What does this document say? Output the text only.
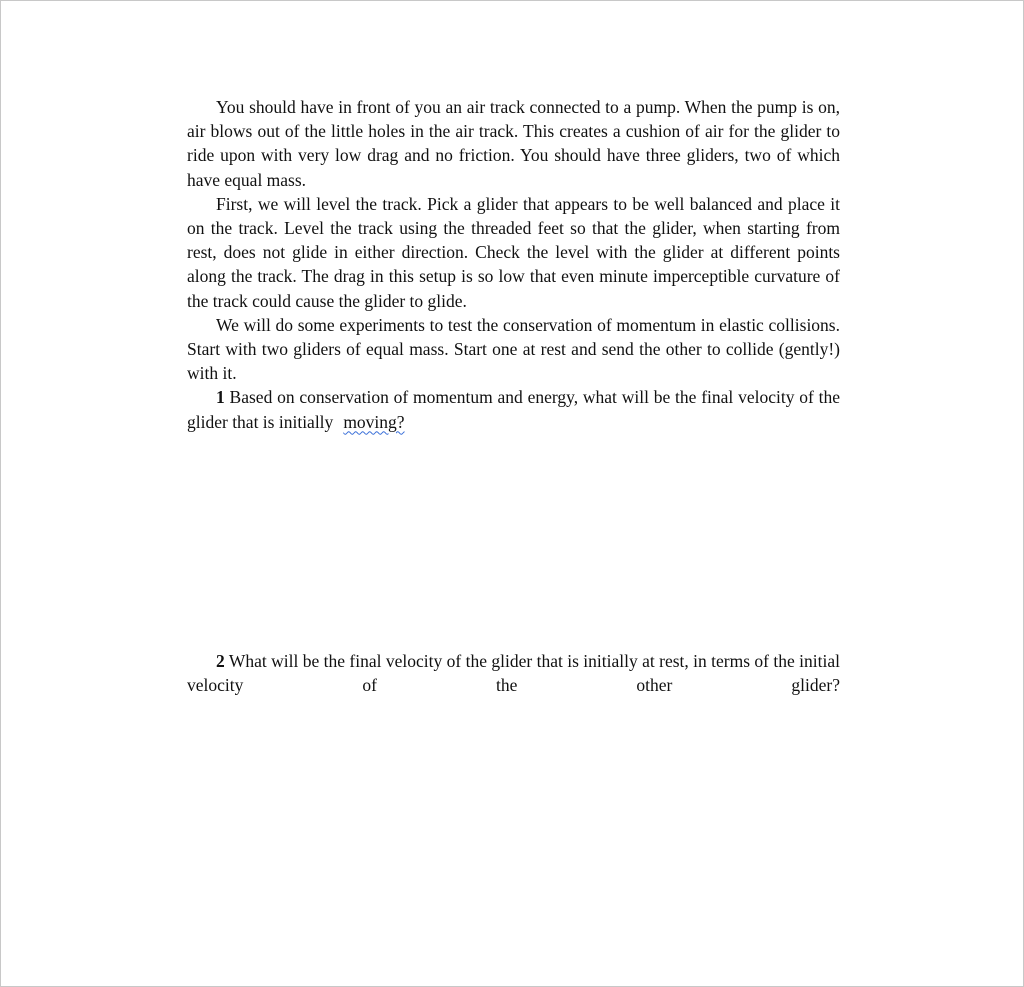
You should have in front of you an air track connected to a pump. When the pump is on, air blows out of the little holes in the air track. This creates a cushion of air for the glider to ride upon with very low drag and no friction. You should have three gliders, two of which have equal mass.

First, we will level the track. Pick a glider that appears to be well balanced and place it on the track. Level the track using the threaded feet so that the glider, when starting from rest, does not glide in either direction. Check the level with the glider at different points along the track. The drag in this setup is so low that even minute imperceptible curvature of the track could cause the glider to glide.

We will do some experiments to test the conservation of momentum in elastic collisions. Start with two gliders of equal mass. Start one at rest and send the other to collide (gently!) with it.

1 Based on conservation of momentum and energy, what will be the final velocity of the glider that is initially moving?

2 What will be the final velocity of the glider that is initially at rest, in terms of the initial velocity of the other glider?
